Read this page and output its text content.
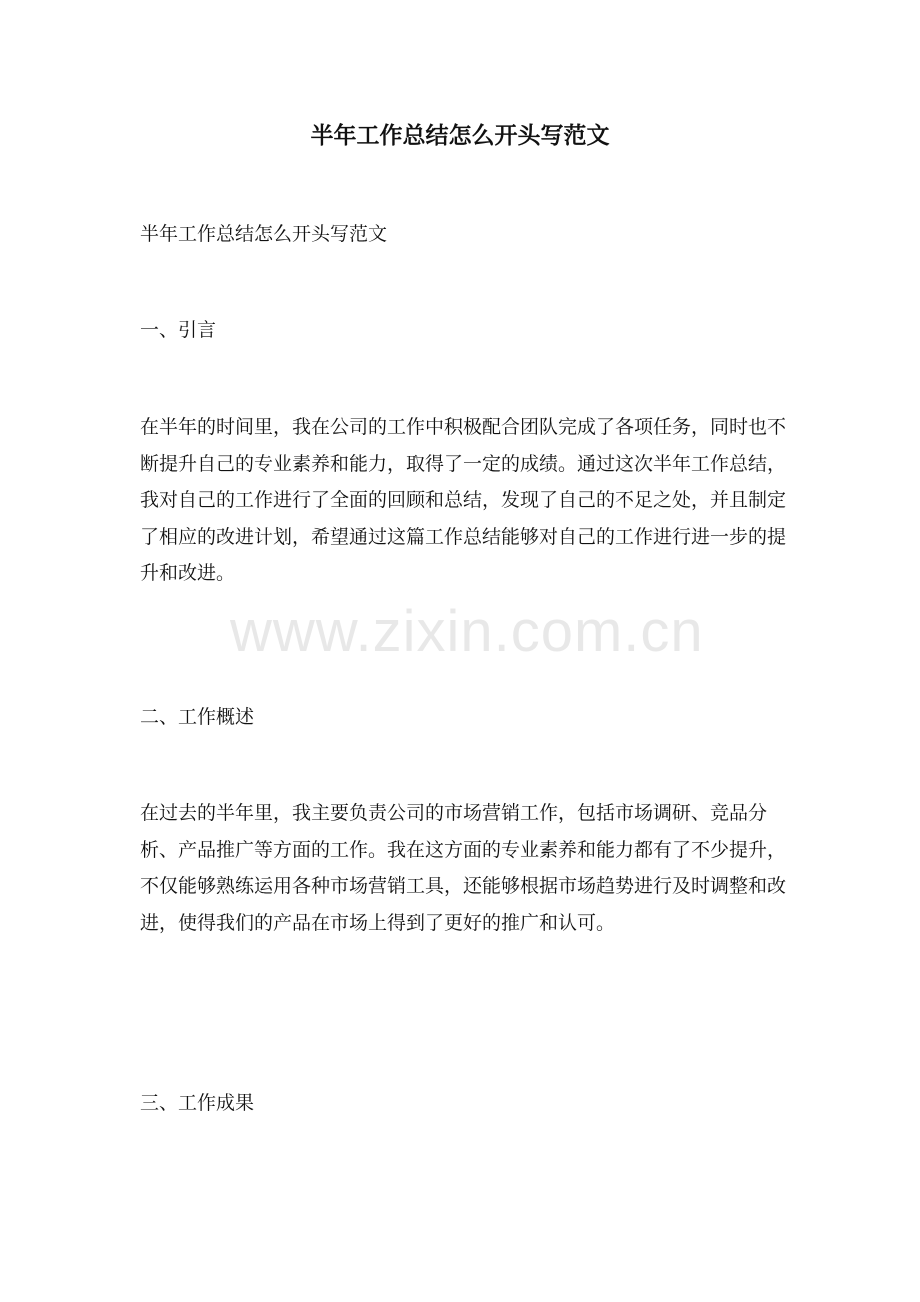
半年工作总结怎么开头写范文

半年工作总结怎么开头写范文

一、引言

在半年的时间里，我在公司的工作中积极配合团队完成了各项任务，同时也不断提升自己的专业素养和能力，取得了一定的成绩。通过这次半年工作总结，我对自己的工作进行了全面的回顾和总结，发现了自己的不足之处，并且制定了相应的改进计划，希望通过这篇工作总结能够对自己的工作进行进一步的提升和改进。

二、工作概述

在过去的半年里，我主要负责公司的市场营销工作，包括市场调研、竞品分析、产品推广等方面的工作。我在这方面的专业素养和能力都有了不少提升，不仅能够熟练运用各种市场营销工具，还能够根据市场趋势进行及时调整和改进，使得我们的产品在市场上得到了更好的推广和认可。

三、工作成果

www.zixin.com.cn
